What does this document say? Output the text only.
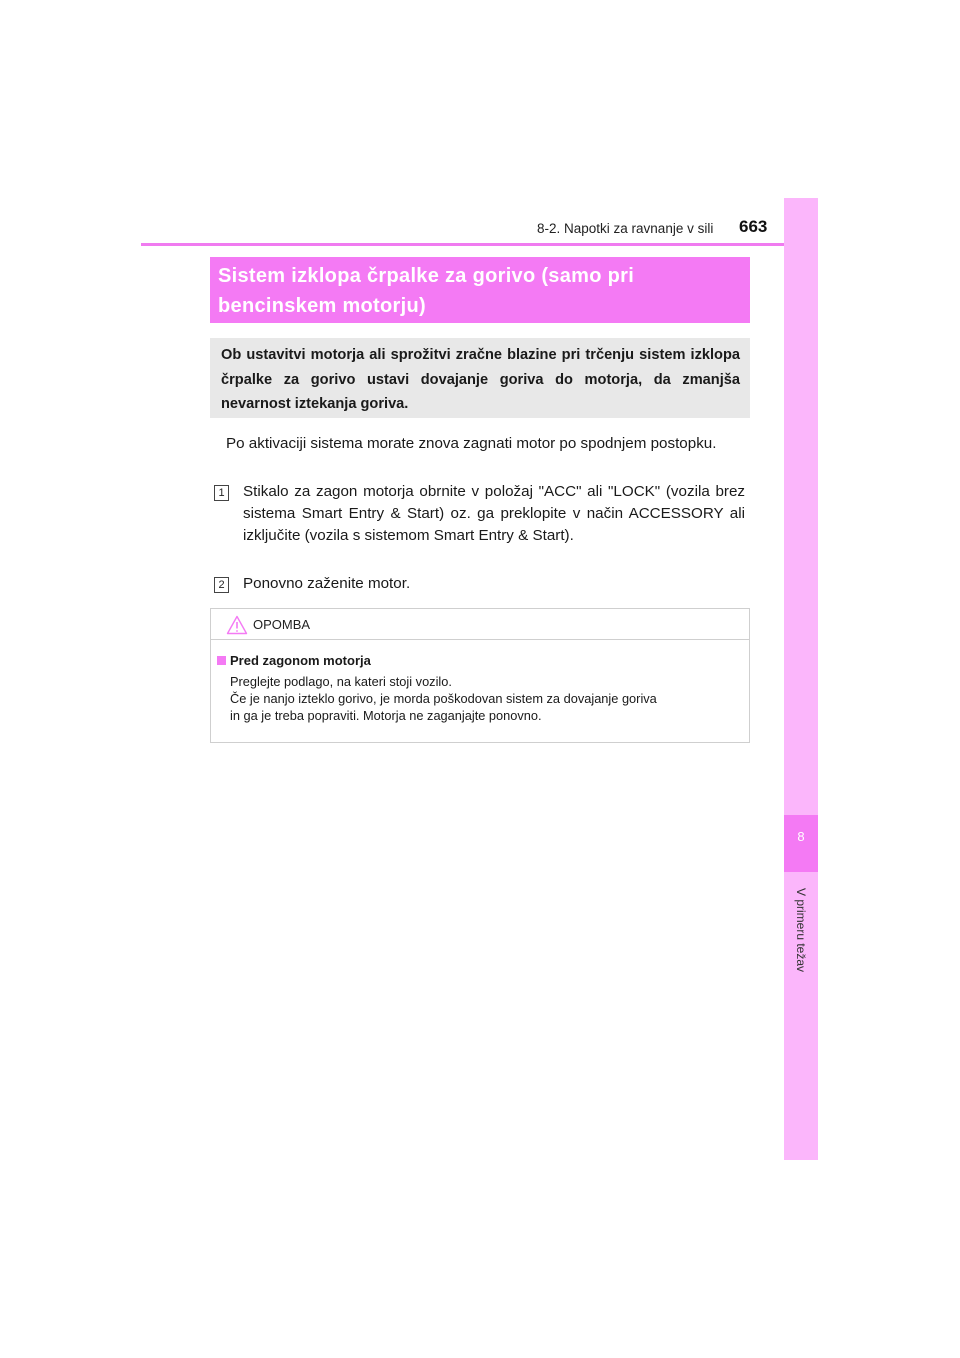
8-2. Napotki za ravnanje v sili 663
8
V primeru težav
Sistem izklopa črpalke za gorivo (samo pri
bencinskem motorju)
Ob ustavitvi motorja ali sprožitvi zračne blazine pri trčenju sistem izklopa črpalke za gorivo ustavi dovajanje goriva do motorja, da zmanjša nevarnost iztekanja goriva.
Po aktivaciji sistema morate znova zagnati motor po spodnjem postopku.
1 Stikalo za zagon motorja obrnite v položaj "ACC" ali "LOCK" (vozila brez sistema Smart Entry & Start) oz. ga preklopite v način ACCESSORY ali izključite (vozila s sistemom Smart Entry & Start).
2 Ponovno zaženite motor.
OPOMBA
Pred zagonom motorja
Preglejte podlago, na kateri stoji vozilo.
Če je nanjo izteklo gorivo, je morda poškodovan sistem za dovajanje goriva
in ga je treba popraviti. Motorja ne zaganjajte ponovno.
